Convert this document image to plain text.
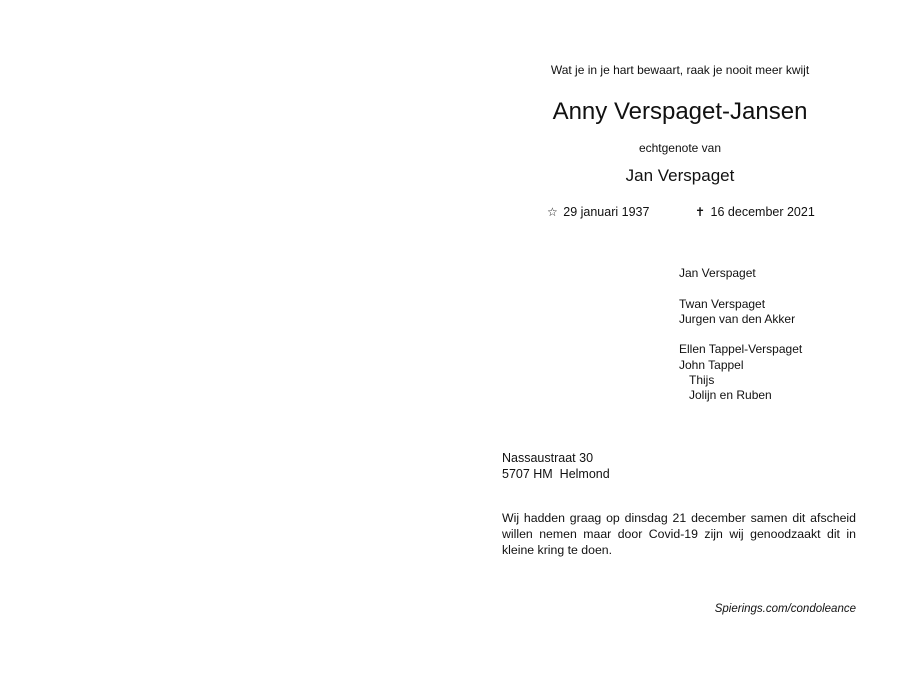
Wat je in je hart bewaart, raak je nooit meer kwijt
Anny Verspaget-Jansen
echtgenote van
Jan Verspaget
☆ 29 januari 1937	✝ 16 december 2021
Jan Verspaget
Twan Verspaget
Jurgen van den Akker
Ellen Tappel-Verspaget
John Tappel
Thijs
Jolijn en Ruben
Nassaustraat 30
5707 HM  Helmond
Wij hadden graag op dinsdag 21 december samen dit afscheid willen nemen maar door Covid-19 zijn wij genoodzaakt dit in kleine kring te doen.
Spierings.com/condoleance
